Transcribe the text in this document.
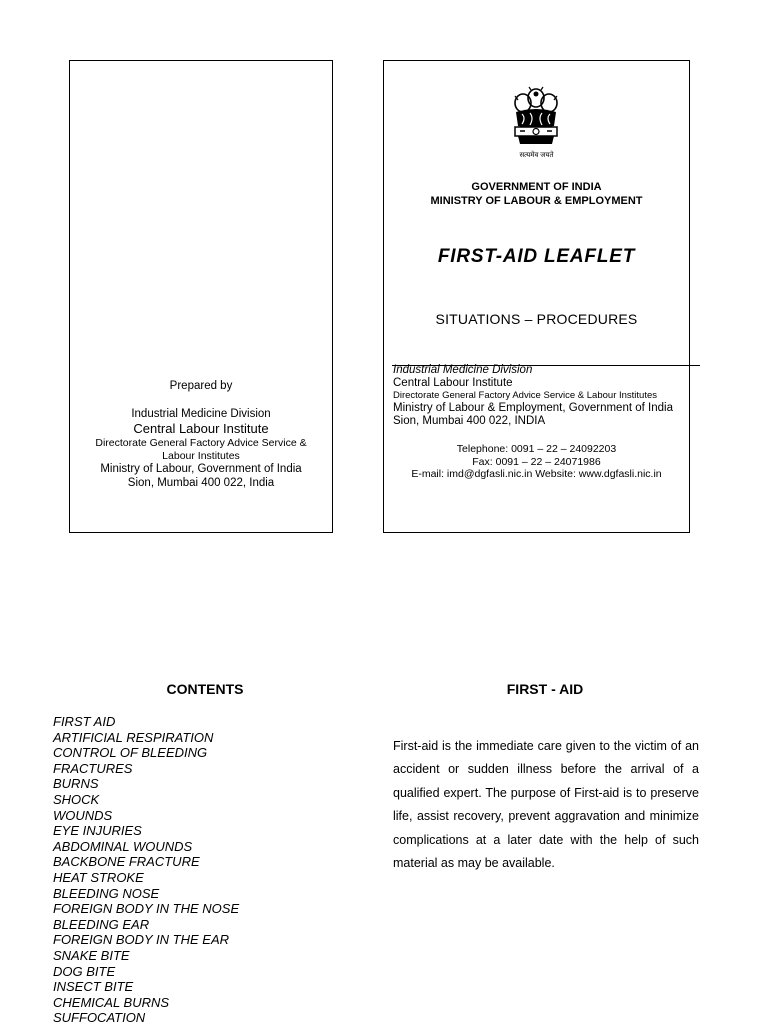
Prepared by
Industrial Medicine Division
Central Labour Institute
Directorate General Factory Advice Service & Labour Institutes
Ministry of Labour, Government of India
Sion, Mumbai 400 022, India
सत्यमेव जयते
GOVERNMENT OF INDIA
MINISTRY OF LABOUR & EMPLOYMENT
FIRST-AID LEAFLET
SITUATIONS – PROCEDURES
Industrial Medicine Division
Central Labour Institute
Directorate General Factory Advice Service & Labour Institutes
Ministry of Labour & Employment, Government of India
Sion, Mumbai 400 022, INDIA
Telephone: 0091 – 22 – 24092203
Fax: 0091 – 22 – 24071986
E-mail: imd@dgfasli.nic.in Website: www.dgfasli.nic.in
CONTENTS
FIRST AID
ARTIFICIAL RESPIRATION
CONTROL OF BLEEDING
FRACTURES
BURNS
SHOCK
WOUNDS
EYE INJURIES
ABDOMINAL WOUNDS
BACKBONE FRACTURE
HEAT STROKE
BLEEDING NOSE
FOREIGN BODY IN THE NOSE
BLEEDING EAR
FOREIGN BODY IN THE EAR
SNAKE BITE
DOG BITE
INSECT BITE
CHEMICAL BURNS
SUFFOCATION
FIRST - AID

First-aid is the immediate care given to the victim of an accident or sudden illness before the arrival of a qualified expert. The purpose of First-aid is to preserve life, assist recovery, prevent aggravation and minimize complications at a later date with the help of such material as may be available.
